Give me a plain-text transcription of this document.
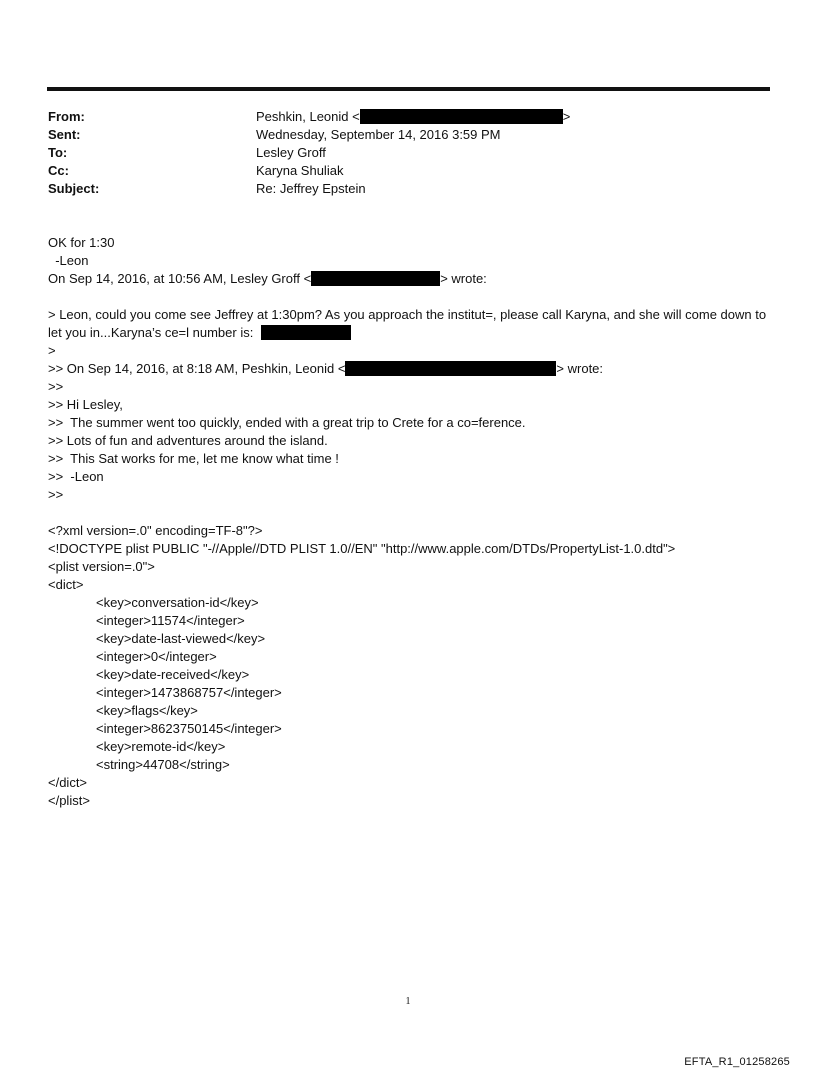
From:	Peshkin, Leonid <	>
Sent:	Wednesday, September 14, 2016 3:59 PM
To:	Lesley Groff
Cc:	Karyna Shuliak
Subject:	Re: Jeffrey Epstein
OK for 1:30
-Leon
On Sep 14, 2016, at 10:56 AM, Lesley Groff <	> wrote:
> Leon, could you come see Jeffrey at 1:30pm? As you approach the institut=, please call Karyna, and she will come down to let you in...Karyna’s ce=l number is:
>
>> On Sep 14, 2016, at 8:18 AM, Peshkin, Leonid <	> wrote:
>>
>> Hi Lesley,
>>  The summer went too quickly, ended with a great trip to Crete for a co=ference.
>> Lots of fun and adventures around the island.
>>  This Sat works for me, let me know what time !
>>  -Leon
>>
<?xml version=.0" encoding=TF-8"?>
<!DOCTYPE plist PUBLIC "-//Apple//DTD PLIST 1.0//EN" "http://www.apple.com/DTDs/PropertyList-1.0.dtd">
<plist version=.0">
<dict>
<key>conversation-id</key>
<integer>11574</integer>
<key>date-last-viewed</key>
<integer>0</integer>
<key>date-received</key>
<integer>1473868757</integer>
<key>flags</key>
<integer>8623750145</integer>
<key>remote-id</key>
<string>44708</string>
</dict>
</plist>
1
EFTA_R1_01258265
